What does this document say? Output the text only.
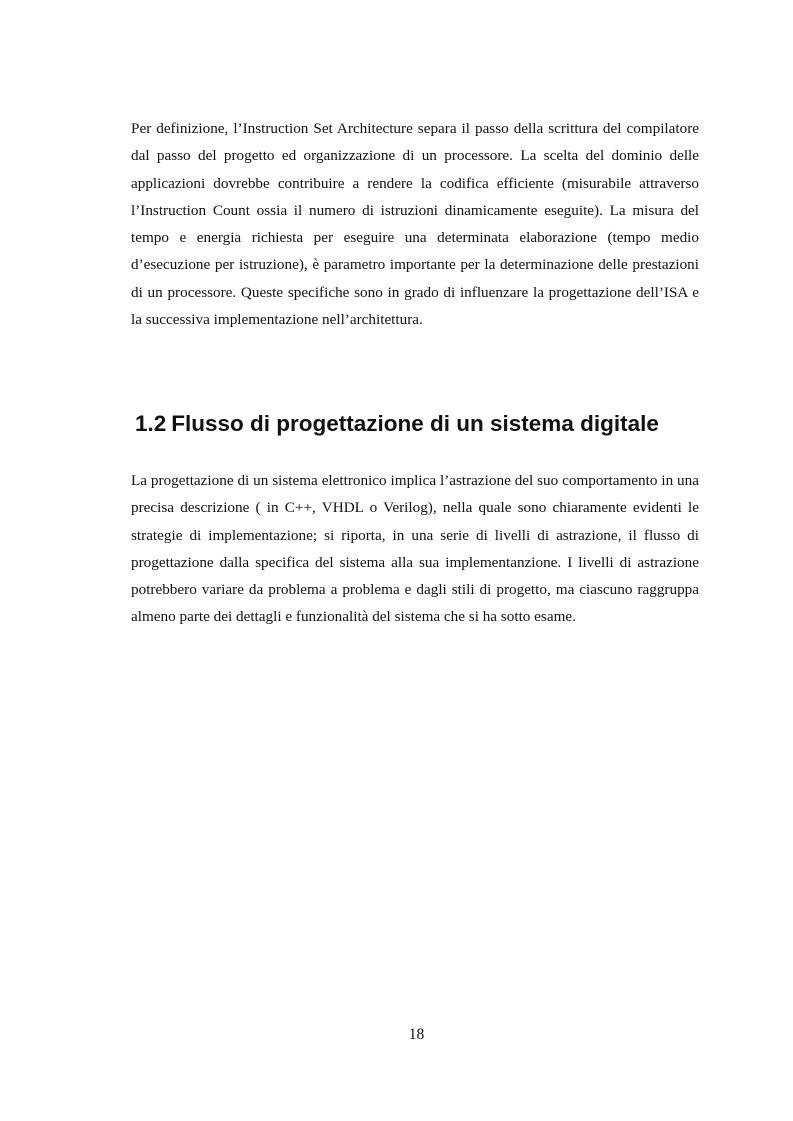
Per definizione, l’Instruction Set Architecture separa il passo della scrittura del compilatore dal passo del progetto ed organizzazione di un processore. La scelta del dominio delle applicazioni dovrebbe contribuire a rendere la codifica efficiente (misurabile attraverso l’Instruction Count ossia il numero di istruzioni dinamicamente eseguite). La misura del tempo e energia richiesta per eseguire una determinata elaborazione (tempo medio d’esecuzione per istruzione), è parametro importante per la determinazione delle prestazioni di un processore. Queste specifiche sono in grado di influenzare la progettazione dell’ISA e la successiva implementazione nell’architettura.

1.2 Flusso di progettazione di un sistema digitale

La progettazione di un sistema elettronico implica l’astrazione del suo comportamento in una precisa descrizione ( in C++, VHDL o Verilog), nella quale sono chiaramente evidenti le strategie di implementazione; si riporta, in una serie di livelli di astrazione, il flusso di progettazione dalla specifica del sistema alla sua implementanzione. I livelli di astrazione potrebbero variare da problema a problema e dagli stili di progetto, ma ciascuno raggruppa almeno parte dei dettagli e funzionalità del sistema che si ha sotto esame.

18
